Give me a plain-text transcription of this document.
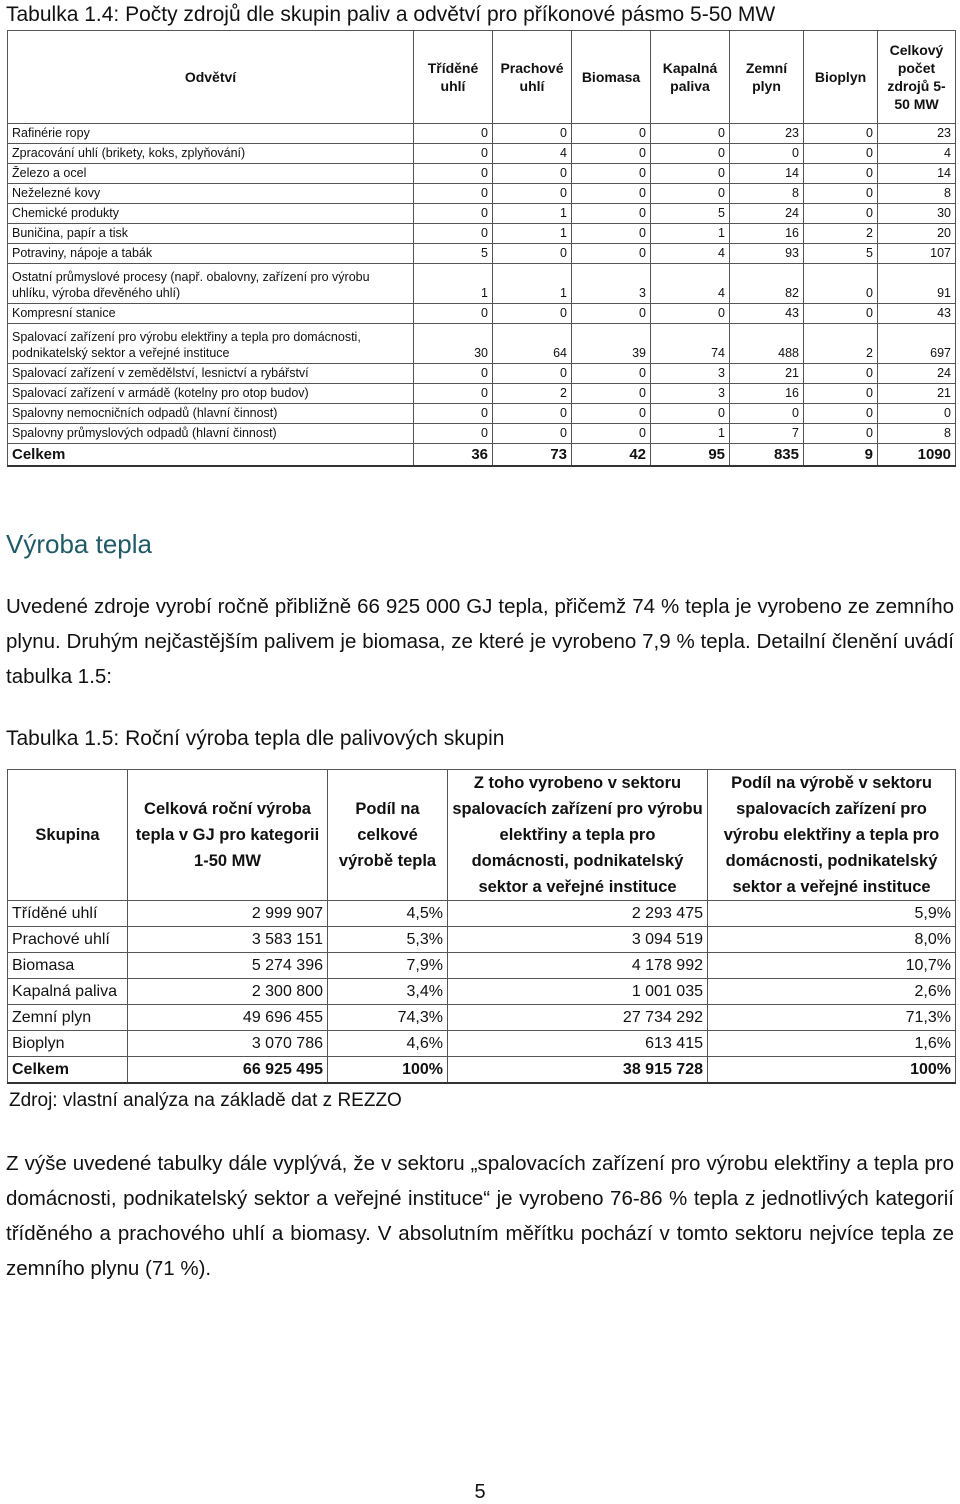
Tabulka 1.4: Počty zdrojů dle skupin paliv a odvětví pro příkonové pásmo 5-50 MW
Odvětví	Tříděné uhlí	Prachové uhlí	Biomasa	Kapalná paliva	Zemní plyn	Bioplyn	Celkový počet zdrojů 5-50 MW
Rafinérie ropy	0	0	0	0	23	0	23
Zpracování uhlí (brikety, koks, zplyňování)	0	4	0	0	0	0	4
Železo a ocel	0	0	0	0	14	0	14
Neželezné kovy	0	0	0	0	8	0	8
Chemické produkty	0	1	0	5	24	0	30
Buničina, papír a tisk	0	1	0	1	16	2	20
Potraviny, nápoje a tabák	5	0	0	4	93	5	107
Ostatní průmyslové procesy (např. obalovny, zařízení pro výrobu uhlíku, výroba dřevěného uhlí)	1	1	3	4	82	0	91
Kompresní stanice	0	0	0	0	43	0	43
Spalovací zařízení pro výrobu elektřiny a tepla pro domácnosti, podnikatelský sektor a veřejné instituce	30	64	39	74	488	2	697
Spalovací zařízení v zemědělství, lesnictví a rybářství	0	0	0	3	21	0	24
Spalovací zařízení v armádě (kotelny pro otop budov)	0	2	0	3	16	0	21
Spalovny nemocničních odpadů (hlavní činnost)	0	0	0	0	0	0	0
Spalovny průmyslových odpadů (hlavní činnost)	0	0	0	1	7	0	8
Celkem	36	73	42	95	835	9	1090
Výroba tepla

Uvedené zdroje vyrobí ročně přibližně 66 925 000 GJ tepla, přičemž 74 % tepla je vyrobeno ze zemního plynu. Druhým nejčastějším palivem je biomasa, ze které je vyrobeno 7,9 % tepla. Detailní členění uvádí tabulka 1.5:

Tabulka 1.5: Roční výroba tepla dle palivových skupin
Skupina	Celková roční výroba tepla v GJ pro kategorii 1-50 MW	Podíl na celkové výrobě tepla	Z toho vyrobeno v sektoru spalovacích zařízení pro výrobu elektřiny a tepla pro domácnosti, podnikatelský sektor a veřejné instituce	Podíl na výrobě v sektoru spalovacích zařízení pro výrobu elektřiny a tepla pro domácnosti, podnikatelský sektor a veřejné instituce
Tříděné uhlí	2 999 907	4,5%	2 293 475	5,9%
Prachové uhlí	3 583 151	5,3%	3 094 519	8,0%
Biomasa	5 274 396	7,9%	4 178 992	10,7%
Kapalná paliva	2 300 800	3,4%	1 001 035	2,6%
Zemní plyn	49 696 455	74,3%	27 734 292	71,3%
Bioplyn	3 070 786	4,6%	613 415	1,6%
Celkem	66 925 495	100%	38 915 728	100%
Zdroj: vlastní analýza na základě dat z REZZO

Z výše uvedené tabulky dále vyplývá, že v sektoru „spalovacích zařízení pro výrobu elektřiny a tepla pro domácnosti, podnikatelský sektor a veřejné instituce“ je vyrobeno 76-86 % tepla z jednotlivých kategorií tříděného a prachového uhlí a biomasy. V absolutním měřítku pochází v tomto sektoru nejvíce tepla ze zemního plynu (71 %).

5
